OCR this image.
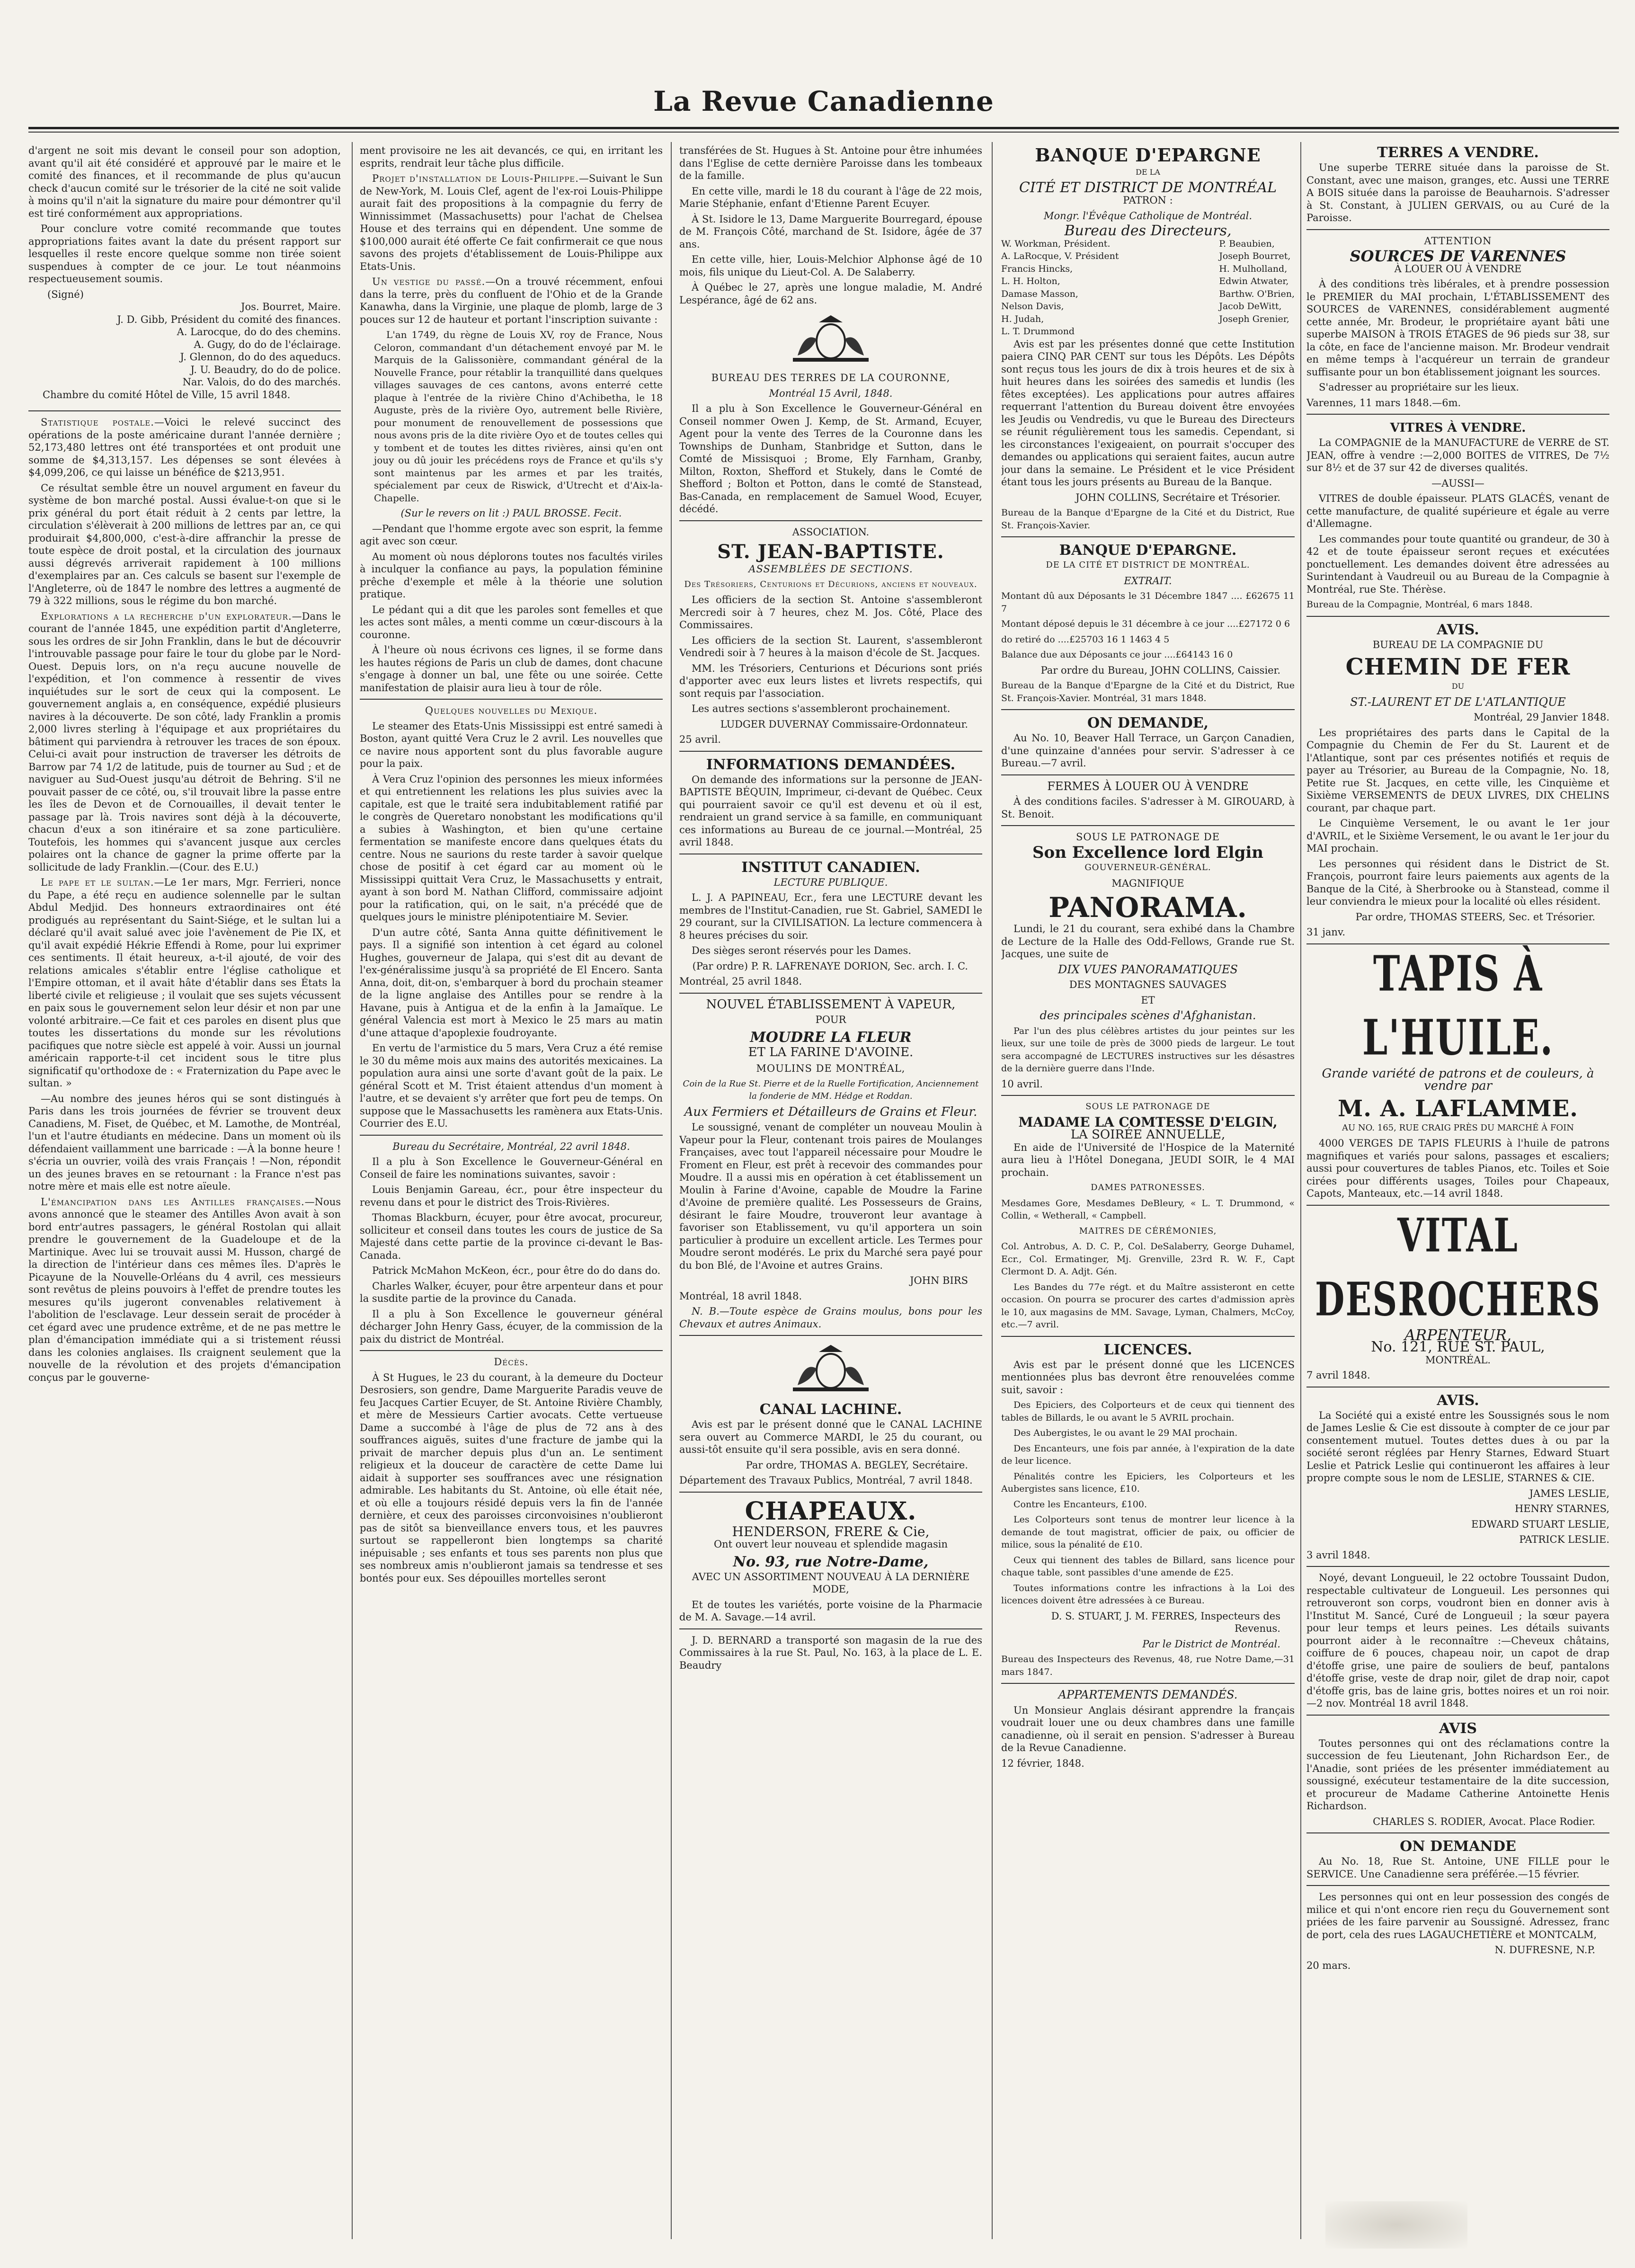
La Revue Canadienne

d'argent ne soit mis devant le conseil pour son adoption, avant qu'il ait été considéré et approuvé par le maire et le comité des finances, et il recommande de plus qu'aucun check d'aucun comité sur le trésorier de la cité ne soit valide à moins qu'il n'ait la signature du maire pour démontrer qu'il est tiré conformément aux appropriations.

Pour conclure votre comité recommande que toutes appropriations faites avant la date du présent rapport sur lesquelles il reste encore quelque somme non tirée soient suspendues à compter de ce jour. Le tout néanmoins respectueusement soumis.

(Signé)
Jos. Bourret, Maire.
J. D. Gibb, Président du comité des finances.
A. Larocque, do do des chemins.
A. Gugy, do do de l'éclairage.
J. Glennon, do do des aqueducs.
J. U. Beaudry, do do de police.
Nar. Valois, do do des marchés.
Chambre du comité Hôtel de Ville, 15 avril 1848.

Statistique postale.—Voici le relevé succinct des opérations de la poste américaine durant l'année dernière ; 52,173,480 lettres ont été transportées et ont produit une somme de $4,313,157. Les dépenses se sont élevées à $4,099,206, ce qui laisse un bénéfice de $213,951.

Ce résultat semble être un nouvel argument en faveur du système de bon marché postal. Aussi évalue-t-on que si le prix général du port était réduit à 2 cents par lettre, la circulation s'élèverait à 200 millions de lettres par an, ce qui produirait $4,800,000, c'est-à-dire affranchir la presse de toute espèce de droit postal, et la circulation des journaux aussi dégrevés arriverait rapidement à 100 millions d'exemplaires par an. Ces calculs se basent sur l'exemple de l'Angleterre, où de 1847 le nombre des lettres a augmenté de 79 à 322 millions, sous le régime du bon marché.

Explorations a la recherche d'un explorateur.—Dans le courant de l'année 1845, une expédition partit d'Angleterre, sous les ordres de sir John Franklin, dans le but de découvrir l'introuvable passage pour faire le tour du globe par le Nord-Ouest. Depuis lors, on n'a reçu aucune nouvelle de l'expédition, et l'on commence à ressentir de vives inquiétudes sur le sort de ceux qui la composent. Le gouvernement anglais a, en conséquence, expédié plusieurs navires à la découverte. De son côté, lady Franklin a promis 2,000 livres sterling à l'équipage et aux propriétaires du bâtiment qui parviendra à retrouver les traces de son époux. Celui-ci avait pour instruction de traverser les détroits de Barrow par 74 1/2 de latitude, puis de tourner au Sud ; et de naviguer au Sud-Ouest jusqu'au détroit de Behring. S'il ne pouvait passer de ce côté, ou, s'il trouvait libre la passe entre les îles de Devon et de Cornouailles, il devait tenter le passage par là. Trois navires sont déjà à la découverte, chacun d'eux a son itinéraire et sa zone particulière. Toutefois, les hommes qui s'avancent jusque aux cercles polaires ont la chance de gagner la prime offerte par la sollicitude de lady Franklin.—(Cour. des E.U.)

Le pape et le sultan.—Le 1er mars, Mgr. Ferrieri, nonce du Pape, a été reçu en audience solennelle par le sultan Abdul Medjid. Des honneurs extraordinaires ont été prodigués au représentant du Saint-Siége, et le sultan lui a déclaré qu'il avait salué avec joie l'avènement de Pie IX, et qu'il avait expédié Hékrie Effendi à Rome, pour lui exprimer ces sentiments. Il était heureux, a-t-il ajouté, de voir des relations amicales s'établir entre l'église catholique et l'Empire ottoman, et il avait hâte d'établir dans ses États la liberté civile et religieuse ; il voulait que ses sujets vécussent en paix sous le gouvernement selon leur désir et non par une volonté arbitraire.—Ce fait et ces paroles en disent plus que toutes les dissertations du monde sur les révolutions pacifiques que notre siècle est appelé à voir. Aussi un journal américain rapporte-t-il cet incident sous le titre plus significatif qu'orthodoxe de : « Fraternization du Pape avec le sultan. »

—Au nombre des jeunes héros qui se sont distingués à Paris dans les trois journées de février se trouvent deux Canadiens, M. Fiset, de Québec, et M. Lamothe, de Montréal, l'un et l'autre étudiants en médecine. Dans un moment où ils défendaient vaillamment une barricade : —À la bonne heure ! s'écria un ouvrier, voilà des vrais Français ! —Non, répondit un des jeunes braves en se retournant : la France n'est pas notre mère et mais elle est notre aïeule.

L'émancipation dans les Antilles françaises.—Nous avons annoncé que le steamer des Antilles Avon avait à son bord entr'autres passagers, le général Rostolan qui allait prendre le gouvernement de la Guadeloupe et de la Martinique. Avec lui se trouvait aussi M. Husson, chargé de la direction de l'intérieur dans ces mêmes îles. D'après le Picayune de la Nouvelle-Orléans du 4 avril, ces messieurs sont revêtus de pleins pouvoirs à l'effet de prendre toutes les mesures qu'ils jugeront convenables relativement à l'abolition de l'esclavage. Leur dessein serait de procéder à cet égard avec une prudence extrême, et de ne pas mettre le plan d'émancipation immédiate qui a si tristement réussi dans les colonies anglaises. Ils craignent seulement que la nouvelle de la révolution et des projets d'émancipation conçus par le gouverne-

ment provisoire ne les ait devancés, ce qui, en irritant les esprits, rendrait leur tâche plus difficile.

Projet d'installation de Louis-Philippe.—Suivant le Sun de New-York, M. Louis Clef, agent de l'ex-roi Louis-Philippe aurait fait des propositions à la compagnie du ferry de Winnissimmet (Massachusetts) pour l'achat de Chelsea House et des terrains qui en dépendent. Une somme de $100,000 aurait été offerte Ce fait confirmerait ce que nous savons des projets d'établissement de Louis-Philippe aux Etats-Unis.

Un vestige du passé.—On a trouvé récemment, enfoui dans la terre, près du confluent de l'Ohio et de la Grande Kanawha, dans la Virginie, une plaque de plomb, large de 3 pouces sur 12 de hauteur et portant l'inscription suivante :

L'an 1749, du règne de Louis XV, roy de France, Nous Celoron, commandant d'un détachement envoyé par M. le Marquis de la Galissonière, commandant général de la Nouvelle France, pour rétablir la tranquillité dans quelques villages sauvages de ces cantons, avons enterré cette plaque à l'entrée de la rivière Chino d'Achibetha, le 18 Auguste, près de la rivière Oyo, autrement belle Rivière, pour monument de renouvellement de possessions que nous avons pris de la dite rivière Oyo et de toutes celles qui y tombent et de toutes les dittes rivières, ainsi qu'en ont jouy ou dû jouir les précédens roys de France et qu'ils s'y sont maintenus par les armes et par les traités, spécialement par ceux de Riswick, d'Utrecht et d'Aix-la-Chapelle.

(Sur le revers on lit :) PAUL BROSSE. Fecit.

—Pendant que l'homme ergote avec son esprit, la femme agit avec son cœur.

Au moment où nous déplorons toutes nos facultés viriles à inculquer la confiance au pays, la population féminine prêche d'exemple et mêle à la théorie une solution pratique.

Le pédant qui a dit que les paroles sont femelles et que les actes sont mâles, a menti comme un cœur-discours à la couronne.

À l'heure où nous écrivons ces lignes, il se forme dans les hautes régions de Paris un club de dames, dont chacune s'engage à donner un bal, une fête ou une soirée. Cette manifestation de plaisir aura lieu à tour de rôle.

Quelques nouvelles du Mexique.

Le steamer des Etats-Unis Mississippi est entré samedi à Boston, ayant quitté Vera Cruz le 2 avril. Les nouvelles que ce navire nous apportent sont du plus favorable augure pour la paix.

À Vera Cruz l'opinion des personnes les mieux informées et qui entretiennent les relations les plus suivies avec la capitale, est que le traité sera indubitablement ratifié par le congrès de Queretaro nonobstant les modifications qu'il a subies à Washington, et bien qu'une certaine fermentation se manifeste encore dans quelques états du centre. Nous ne saurions du reste tarder à savoir quelque chose de positif à cet égard car au moment où le Mississippi quittait Vera Cruz, le Massachusetts y entrait, ayant à son bord M. Nathan Clifford, commissaire adjoint pour la ratification, qui, on le sait, n'a précédé que de quelques jours le ministre plénipotentiaire M. Sevier.

D'un autre côté, Santa Anna quitte définitivement le pays. Il a signifié son intention à cet égard au colonel Hughes, gouverneur de Jalapa, qui s'est dit au devant de l'ex-généralissime jusqu'à sa propriété de El Encero. Santa Anna, doit, dit-on, s'embarquer à bord du prochain steamer de la ligne anglaise des Antilles pour se rendre à la Havane, puis à Antigua et de la enfin à la Jamaïque. Le général Valencia est mort à Mexico le 25 mars au matin d'une attaque d'apoplexie foudroyante.

En vertu de l'armistice du 5 mars, Vera Cruz a été remise le 30 du même mois aux mains des autorités mexicaines. La population aura ainsi une sorte d'avant goût de la paix. Le général Scott et M. Trist étaient attendus d'un moment à l'autre, et se devaient s'y arrêter que fort peu de temps. On suppose que le Massachusetts les ramènera aux Etats-Unis. Courrier des E.U.

Bureau du Secrétaire, Montréal, 22 avril 1848.

Il a plu à Son Excellence le Gouverneur-Général en Conseil de faire les nominations suivantes, savoir :

Louis Benjamin Gareau, écr., pour être inspecteur du revenu dans et pour le district des Trois-Rivières.

Thomas Blackburn, écuyer, pour être avocat, procureur, solliciteur et conseil dans toutes les cours de justice de Sa Majesté dans cette partie de la province ci-devant le Bas-Canada.

Patrick McMahon McKeon, écr., pour être do do dans do.

Charles Walker, écuyer, pour être arpenteur dans et pour la susdite partie de la province du Canada.

Il a plu à Son Excellence le gouverneur général décharger John Henry Gass, écuyer, de la commission de la paix du district de Montréal.

Décès.

À St Hugues, le 23 du courant, à la demeure du Docteur Desrosiers, son gendre, Dame Marguerite Paradis veuve de feu Jacques Cartier Ecuyer, de St. Antoine Rivière Chambly, et mère de Messieurs Cartier avocats. Cette vertueuse Dame a succombé à l'âge de plus de 72 ans à des souffrances aiguës, suites d'une fracture de jambe qui la privait de marcher depuis plus d'un an. Le sentiment religieux et la douceur de caractère de cette Dame lui aidait à supporter ses souffrances avec une résignation admirable. Les habitants du St. Antoine, où elle était née, et où elle a toujours résidé depuis vers la fin de l'année dernière, et ceux des paroisses circonvoisines n'oublieront pas de sitôt sa bienveillance envers tous, et les pauvres surtout se rappelleront bien longtemps sa charité inépuisable ; ses enfants et tous ses parents non plus que ses nombreux amis n'oublieront jamais sa tendresse et ses bontés pour eux. Ses dépouilles mortelles seront

transférées de St. Hugues à St. Antoine pour être inhumées dans l'Eglise de cette dernière Paroisse dans les tombeaux de la famille.

En cette ville, mardi le 18 du courant à l'âge de 22 mois, Marie Stéphanie, enfant d'Etienne Parent Ecuyer.

À St. Isidore le 13, Dame Marguerite Bourregard, épouse de M. François Côté, marchand de St. Isidore, âgée de 37 ans.

En cette ville, hier, Louis-Melchior Alphonse âgé de 10 mois, fils unique du Lieut-Col. A. De Salaberry.

À Québec le 27, après une longue maladie, M. André Lespérance, âgé de 62 ans.

BUREAU DES TERRES DE LA COURONNE,

Montréal 15 Avril, 1848.

Il a plu à Son Excellence le Gouverneur-Général en Conseil nommer Owen J. Kemp, de St. Armand, Ecuyer, Agent pour la vente des Terres de la Couronne dans les Townships de Dunham, Stanbridge et Sutton, dans le Comté de Missisquoi ; Brome, Ely Farnham, Granby, Milton, Roxton, Shefford et Stukely, dans le Comté de Shefford ; Bolton et Potton, dans le comté de Stanstead, Bas-Canada, en remplacement de Samuel Wood, Ecuyer, décédé.

ASSOCIATION.

ST. JEAN-BAPTISTE.

ASSEMBLÉES DE SECTIONS.

Des Trésoriers, Centurions et Décurions, anciens et nouveaux.

Les officiers de la section St. Antoine s'assembleront Mercredi soir à 7 heures, chez M. Jos. Côté, Place des Commissaires.

Les officiers de la section St. Laurent, s'assembleront Vendredi soir à 7 heures à la maison d'école de St. Jacques.

MM. les Trésoriers, Centurions et Décurions sont priés d'apporter avec eux leurs listes et livrets respectifs, qui sont requis par l'association.

Les autres sections s'assembleront prochainement.

LUDGER DUVERNAY Commissaire-Ordonnateur.

25 avril.

INFORMATIONS DEMANDÉES.

On demande des informations sur la personne de JEAN-BAPTISTE BÉQUIN, Imprimeur, ci-devant de Québec. Ceux qui pourraient savoir ce qu'il est devenu et où il est, rendraient un grand service à sa famille, en communiquant ces informations au Bureau de ce journal.—Montréal, 25 avril 1848.

INSTITUT CANADIEN.

LECTURE PUBLIQUE.

L. J. A PAPINEAU, Ecr., fera une LECTURE devant les membres de l'Institut-Canadien, rue St. Gabriel, SAMEDI le 29 courant, sur la CIVILISATION. La lecture commencera à 8 heures précises du soir.

Des sièges seront réservés pour les Dames.

(Par ordre) P. R. LAFRENAYE DORION, Sec. arch. I. C.

Montréal, 25 avril 1848.

NOUVEL ÉTABLISSEMENT À VAPEUR,

POUR

MOUDRE LA FLEUR
ET LA FARINE D'AVOINE.

MOULINS DE MONTRÉAL,

Coin de la Rue St. Pierre et de la Ruelle Fortification, Anciennement la fonderie de MM. Hédge et Roddan.

Aux Fermiers et Détailleurs de Grains et Fleur.

Le soussigné, venant de compléter un nouveau Moulin à Vapeur pour la Fleur, contenant trois paires de Moulanges Françaises, avec tout l'appareil nécessaire pour Moudre le Froment en Fleur, est prêt à recevoir des commandes pour Moudre. Il a aussi mis en opération à cet établissement un Moulin à Farine d'Avoine, capable de Moudre la Farine d'Avoine de première qualité. Les Possesseurs de Grains, désirant le faire Moudre, trouveront leur avantage à favoriser son Etablissement, vu qu'il apportera un soin particulier à produire un excellent article. Les Termes pour Moudre seront modérés. Le prix du Marché sera payé pour du bon Blé, de l'Avoine et autres Grains.

JOHN BIRS

Montréal, 18 avril 1848.

N. B.—Toute espèce de Grains moulus, bons pour les Chevaux et autres Animaux.

CANAL LACHINE.

Avis est par le présent donné que le CANAL LACHINE sera ouvert au Commerce MARDI, le 25 du courant, ou aussi-tôt ensuite qu'il sera possible, avis en sera donné.

Par ordre, THOMAS A. BEGLEY, Secrétaire.

Département des Travaux Publics, Montréal, 7 avril 1848.

CHAPEAUX.
HENDERSON, FRERE & Cie,

Ont ouvert leur nouveau et splendide magasin

No. 93, rue Notre-Dame,

AVEC UN ASSORTIMENT NOUVEAU À LA DERNIÈRE MODE,

Et de toutes les variétés, porte voisine de la Pharmacie de M. A. Savage.—14 avril.

J. D. BERNARD a transporté son magasin de la rue des Commissaires à la rue St. Paul, No. 163, à la place de L. E. Beaudry

BANQUE D'EPARGNE

DE LA

CITÉ ET DISTRICT DE MONTRÉAL

PATRON :

Mongr. l'Évêque Catholique de Montréal.

Bureau des Directeurs,
W. Workman, Président.
A. LaRocque, V. Président
Francis Hincks,
L. H. Holton,
Damase Masson,
Nelson Davis,
H. Judah,
L. T. Drummond
P. Beaubien,
Joseph Bourret,
H. Mulholland,
Edwin Atwater,
Barthw. O'Brien,
Jacob DeWitt,
Joseph Grenier,

Avis est par les présentes donné que cette Institution paiera CINQ PAR CENT sur tous les Dépôts. Les Dépôts sont reçus tous les jours de dix à trois heures et de six à huit heures dans les soirées des samedis et lundis (les fêtes exceptées). Les applications pour autres affaires requerrant l'attention du Bureau doivent être envoyées les Jeudis ou Vendredis, vu que le Bureau des Directeurs se réunit régulièrement tous les samedis. Cependant, si les circonstances l'exigeaient, on pourrait s'occuper des demandes ou applications qui seraient faites, aucun autre jour dans la semaine. Le Président et le vice Président étant tous les jours présents au Bureau de la Banque.

JOHN COLLINS, Secrétaire et Trésorier.

Bureau de la Banque d'Epargne de la Cité et du District, Rue St. François-Xavier.

BANQUE D'EPARGNE.

DE LA CITÉ ET DISTRICT DE MONTRÉAL.

EXTRAIT.

Montant dû aux Déposants le 31 Décembre 1847 .... £62675 11 7

Montant déposé depuis le 31 décembre à ce jour ....£27172 0 6

do retiré do ....£25703 16 1 1463 4 5

Balance due aux Déposants ce jour ....£64143 16 0

Par ordre du Bureau, JOHN COLLINS, Caissier.

Bureau de la Banque d'Epargne de la Cité et du District, Rue St. François-Xavier. Montréal, 31 mars 1848.

ON DEMANDE,

Au No. 10, Beaver Hall Terrace, un Garçon Canadien, d'une quinzaine d'années pour servir. S'adresser à ce Bureau.—7 avril.

FERMES À LOUER OU À VENDRE

À des conditions faciles. S'adresser à M. GIROUARD, à St. Benoit.

SOUS LE PATRONAGE DE

Son Excellence lord Elgin

GOUVERNEUR-GÉNÉRAL.

MAGNIFIQUE

PANORAMA.

Lundi, le 21 du courant, sera exhibé dans la Chambre de Lecture de la Halle des Odd-Fellows, Grande rue St. Jacques, une suite de

DIX VUES PANORAMATIQUES

DES MONTAGNES SAUVAGES

ET

des principales scènes d'Afghanistan.

Par l'un des plus célèbres artistes du jour peintes sur les lieux, sur une toile de près de 3000 pieds de largeur. Le tout sera accompagné de LECTURES instructives sur les désastres de la dernière guerre dans l'Inde.

10 avril.

SOUS LE PATRONAGE DE

MADAME LA COMTESSE D'ELGIN,
LA SOIRÉE ANNUELLE,

En aide de l'Université de l'Hospice de la Maternité aura lieu à l'Hôtel Donegana, JEUDI SOIR, le 4 MAI prochain.

DAMES PATRONESSES.

Mesdames Gore, Mesdames DeBleury, « L. T. Drummond, « Collin, « Wetherall, « Campbell.

MAITRES DE CÉRÉMONIES,

Col. Antrobus, A. D. C. P., Col. DeSalaberry, George Duhamel, Ecr., Col. Ermatinger, Mj. Grenville, 23rd R. W. F., Capt Clermont D. A. Adjt. Gén.

Les Bandes du 77e régt. et du Maître assisteront en cette occasion. On pourra se procurer des cartes d'admission après le 10, aux magasins de MM. Savage, Lyman, Chalmers, McCoy, etc.—7 avril.

LICENCES.

Avis est par le présent donné que les LICENCES mentionnées plus bas devront être renouvelées comme suit, savoir :

Des Epiciers, des Colporteurs et de ceux qui tiennent des tables de Billards, le ou avant le 5 AVRIL prochain.

Des Aubergistes, le ou avant le 29 MAI prochain.

Des Encanteurs, une fois par année, à l'expiration de la date de leur licence.

Pénalités contre les Epiciers, les Colporteurs et les Aubergistes sans licence, £10.

Contre les Encanteurs, £100.

Les Colporteurs sont tenus de montrer leur licence à la demande de tout magistrat, officier de paix, ou officier de milice, sous la pénalité de £10.

Ceux qui tiennent des tables de Billard, sans licence pour chaque table, sont passibles d'une amende de £25.

Toutes informations contre les infractions à la Loi des licences doivent être adressées à ce Bureau.

D. S. STUART, J. M. FERRES, Inspecteurs des Revenus.

Par le District de Montréal.

Bureau des Inspecteurs des Revenus, 48, rue Notre Dame,—31 mars 1847.

APPARTEMENTS DEMANDÉS.

Un Monsieur Anglais désirant apprendre la français voudrait louer une ou deux chambres dans une famille canadienne, où il serait en pension. S'adresser à Bureau de la Revue Canadienne.

12 février, 1848.

TERRES A VENDRE.

Une superbe TERRE située dans la paroisse de St. Constant, avec une maison, granges, etc. Aussi une TERRE A BOIS située dans la paroisse de Beauharnois. S'adresser à St. Constant, à JULIEN GERVAIS, ou au Curé de la Paroisse.

ATTENTION

SOURCES DE VARENNES

À LOUER OU À VENDRE

À des conditions très libérales, et à prendre possession le PREMIER du MAI prochain, L'ÉTABLISSEMENT des SOURCES de VARENNES, considérablement augmenté cette année, Mr. Brodeur, le propriétaire ayant bâti une superbe MAISON à TROIS ÉTAGES de 96 pieds sur 38, sur la côte, en face de l'ancienne maison. Mr. Brodeur vendrait en même temps à l'acquéreur un terrain de grandeur suffisante pour un bon établissement joignant les sources.

S'adresser au propriétaire sur les lieux.

Varennes, 11 mars 1848.—6m.

VITRES À VENDRE.

La COMPAGNIE de la MANUFACTURE de VERRE de ST. JEAN, offre à vendre :—2,000 BOITES de VITRES, De 7½ sur 8½ et de 37 sur 42 de diverses qualités.

—AUSSI—

VITRES de double épaisseur. PLATS GLACÉS, venant de cette manufacture, de qualité supérieure et égale au verre d'Allemagne.

Les commandes pour toute quantité ou grandeur, de 30 à 42 et de toute épaisseur seront reçues et exécutées ponctuellement. Les demandes doivent être adressées au Surintendant à Vaudreuil ou au Bureau de la Compagnie à Montréal, rue Ste. Thérèse.

Bureau de la Compagnie, Montréal, 6 mars 1848.

AVIS.

BUREAU DE LA COMPAGNIE DU

CHEMIN DE FER

DU

ST.-LAURENT ET DE L'ATLANTIQUE

Montréal, 29 Janvier 1848.

Les propriétaires des parts dans le Capital de la Compagnie du Chemin de Fer du St. Laurent et de l'Atlantique, sont par ces présentes notifiés et requis de payer au Trésorier, au Bureau de la Compagnie, No. 18, Petite rue St. Jacques, en cette ville, les Cinquième et Sixième VERSEMENTS de DEUX LIVRES, DIX CHELINS courant, par chaque part.

Le Cinquième Versement, le ou avant le 1er jour d'AVRIL, et le Sixième Versement, le ou avant le 1er jour du MAI prochain.

Les personnes qui résident dans le District de St. François, pourront faire leurs paiements aux agents de la Banque de la Cité, à Sherbrooke ou à Stanstead, comme il leur conviendra le mieux pour la localité où elles résident.

Par ordre, THOMAS STEERS, Sec. et Trésorier.

31 janv.

TAPIS À L'HUILE.

Grande variété de patrons et de couleurs, à vendre par

M. A. LAFLAMME.

AU NO. 165, RUE CRAIG PRÈS DU MARCHÉ À FOIN

4000 VERGES DE TAPIS FLEURIS à l'huile de patrons magnifiques et variés pour salons, passages et escaliers; aussi pour couvertures de tables Pianos, etc. Toiles et Soie cirées pour différents usages, Toiles pour Chapeaux, Capots, Manteaux, etc.—14 avril 1848.

VITAL DESROCHERS
ARPENTEUR,
No. 121, RUE ST. PAUL,

MONTRÉAL.

7 avril 1848.

AVIS.

La Société qui a existé entre les Soussignés sous le nom de James Leslie & Cie est dissoute à compter de ce jour par consentement mutuel. Toutes dettes dues à ou par la société seront réglées par Henry Starnes, Edward Stuart Leslie et Patrick Leslie qui continueront les affaires à leur propre compte sous le nom de LESLIE, STARNES & CIE.

JAMES LESLIE,

HENRY STARNES,

EDWARD STUART LESLIE,

PATRICK LESLIE.

3 avril 1848.

Noyé, devant Longueuil, le 22 octobre Toussaint Dudon, respectable cultivateur de Longueuil. Les personnes qui retrouveront son corps, voudront bien en donner avis à l'Institut M. Sancé, Curé de Longueuil ; la sœur payera pour leur temps et leurs peines. Les détails suivants pourront aider à le reconnaître :—Cheveux châtains, coiffure de 6 pouces, chapeau noir, un capot de drap d'étoffe grise, une paire de souliers de beuf, pantalons d'étoffe grise, veste de drap noir, gilet de drap noir, capot d'étoffe gris, bas de laine gris, bottes noires et un roi noir.—2 nov. Montréal 18 avril 1848.

AVIS

Toutes personnes qui ont des réclamations contre la succession de feu Lieutenant, John Richardson Eer., de l'Anadie, sont priées de les présenter immédiatement au soussigné, exécuteur testamentaire de la dite succession, et procureur de Madame Catherine Antoinette Henis Richardson.

CHARLES S. RODIER, Avocat. Place Rodier.

ON DEMANDE

Au No. 18, Rue St. Antoine, UNE FILLE pour le SERVICE. Une Canadienne sera préférée.—15 février.

Les personnes qui ont en leur possession des congés de milice et qui n'ont encore rien reçu du Gouvernement sont priées de les faire parvenir au Soussigné. Adressez, franc de port, cela des rues LAGAUCHETIÈRE et MONTCALM,

N. DUFRESNE, N.P.

20 mars.
